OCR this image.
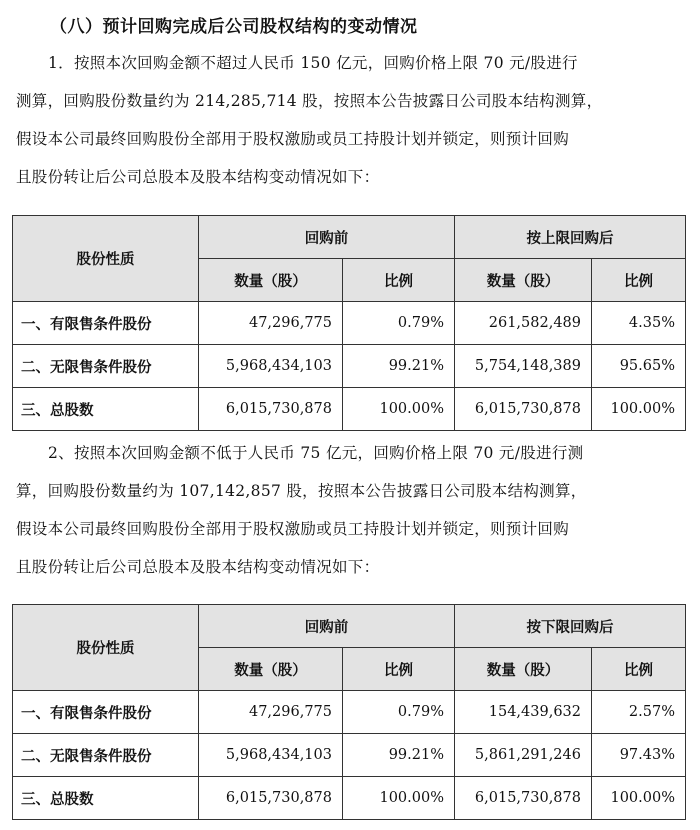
（八）预计回购完成后公司股权结构的变动情况
1．按照本次回购金额不超过人民币 150 亿元，回购价格上限 70 元/股进行
测算，回购股份数量约为 214,285,714 股，按照本公告披露日公司股本结构测算，
假设本公司最终回购股份全部用于股权激励或员工持股计划并锁定，则预计回购
且股份转让后公司总股本及股本结构变动情况如下：
股份性质	回购前		按上限回购后	
	数量（股）	比例	数量（股）	比例
一、有限售条件股份	47,296,775	0.79%	261,582,489	4.35%
二、无限售条件股份	5,968,434,103	99.21%	5,754,148,389	95.65%
三、总股数	6,015,730,878	100.00%	6,015,730,878	100.00%
2、按照本次回购金额不低于人民币 75 亿元，回购价格上限 70 元/股进行测
算，回购股份数量约为 107,142,857 股，按照本公告披露日公司股本结构测算，
假设本公司最终回购股份全部用于股权激励或员工持股计划并锁定，则预计回购
且股份转让后公司总股本及股本结构变动情况如下：
股份性质	回购前		按下限回购后	
	数量（股）	比例	数量（股）	比例
一、有限售条件股份	47,296,775	0.79%	154,439,632	2.57%
二、无限售条件股份	5,968,434,103	99.21%	5,861,291,246	97.43%
三、总股数	6,015,730,878	100.00%	6,015,730,878	100.00%
